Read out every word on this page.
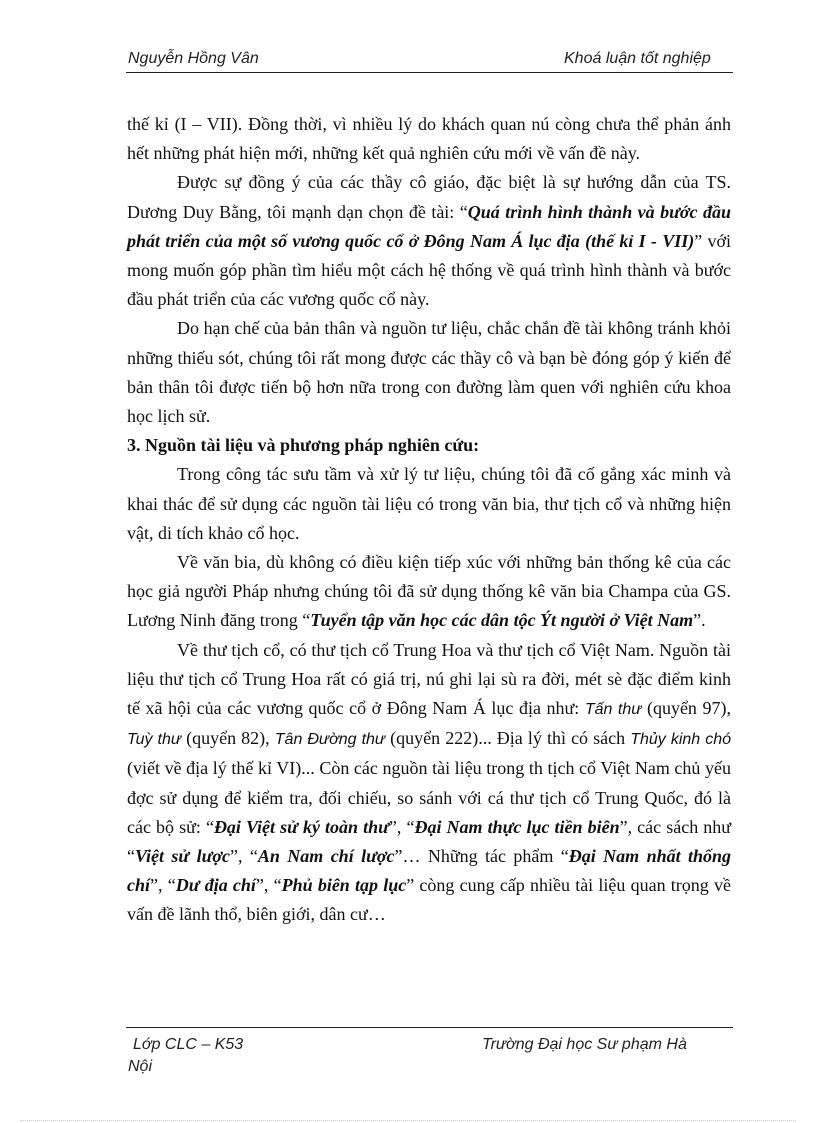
Nguyễn Hồng Vân	Khoá luận tốt nghiệp

thế kỉ (I – VII). Đồng thời, vì nhiều lý do khách quan nú còng chưa thể phản ánh hết những phát hiện mới, những kết quả nghiên cứu mới về vấn đề này.

Được sự đồng ý của các thầy cô giáo, đặc biệt là sự hướng dẫn của TS. Dương Duy Bằng, tôi mạnh dạn chọn đề tài: “Quá trình hình thành và bước đầu phát triển của một số vương quốc cổ ở Đông Nam Á lục địa (thế kỉ I - VII)” với mong muốn góp phần tìm hiểu một cách hệ thống về quá trình hình thành và bước đầu phát triển của các vương quốc cổ này.

Do hạn chế của bản thân và nguồn tư liệu, chắc chắn đề tài không tránh khỏi những thiếu sót, chúng tôi rất mong được các thầy cô và bạn bè đóng góp ý kiến để bản thân tôi được tiến bộ hơn nữa trong con đường làm quen với nghiên cứu khoa học lịch sử.

3. Nguồn tài liệu và phương pháp nghiên cứu:

Trong công tác sưu tầm và xử lý tư liệu, chúng tôi đã cố gắng xác minh và khai thác để sử dụng các nguồn tài liệu có trong văn bia, thư tịch cổ và những hiện vật, di tích khảo cổ học.

Về văn bia, dù không có điều kiện tiếp xúc với những bản thống kê của các học giả người Pháp nhưng chúng tôi đã sử dụng thống kê văn bia Champa của GS. Lương Ninh đăng trong “Tuyển tập văn học các dân tộc Ýt người ở Việt Nam”.

Về thư tịch cổ, có thư tịch cổ Trung Hoa và thư tịch cổ Việt Nam. Nguồn tài liệu thư tịch cổ Trung Hoa rất có giá trị, nú ghi lại sù ra đời, mét sè đặc điểm kinh tế xã hội của các vương quốc cổ ở Đông Nam Á lục địa như: Tấn thư (quyển 97), Tuỳ thư (quyển 82), Tân Đường thư (quyển 222)... Địa lý thì có sách Thủy kinh chó (viết về địa lý thế kỉ VI)... Còn các nguồn tài liệu trong th tịch cổ Việt Nam chủ yếu đợc sử dụng để kiểm tra, đối chiếu, so sánh với cá thư tịch cổ Trung Quốc, đó là các bộ sử: “Đại Việt sử ký toàn thư”, “Đại Nam thực lục tiền biên”, các sách như “Việt sử lược”, “An Nam chí lược”… Những tác phẩm “Đại Nam nhất thống chí”, “Dư địa chí”, “Phủ biên tạp lục” còng cung cấp nhiều tài liệu quan trọng về vấn đề lãnh thổ, biên giới, dân cư…

Lớp CLC – K53	Trường Đại học Sư phạm Hà
Nội
